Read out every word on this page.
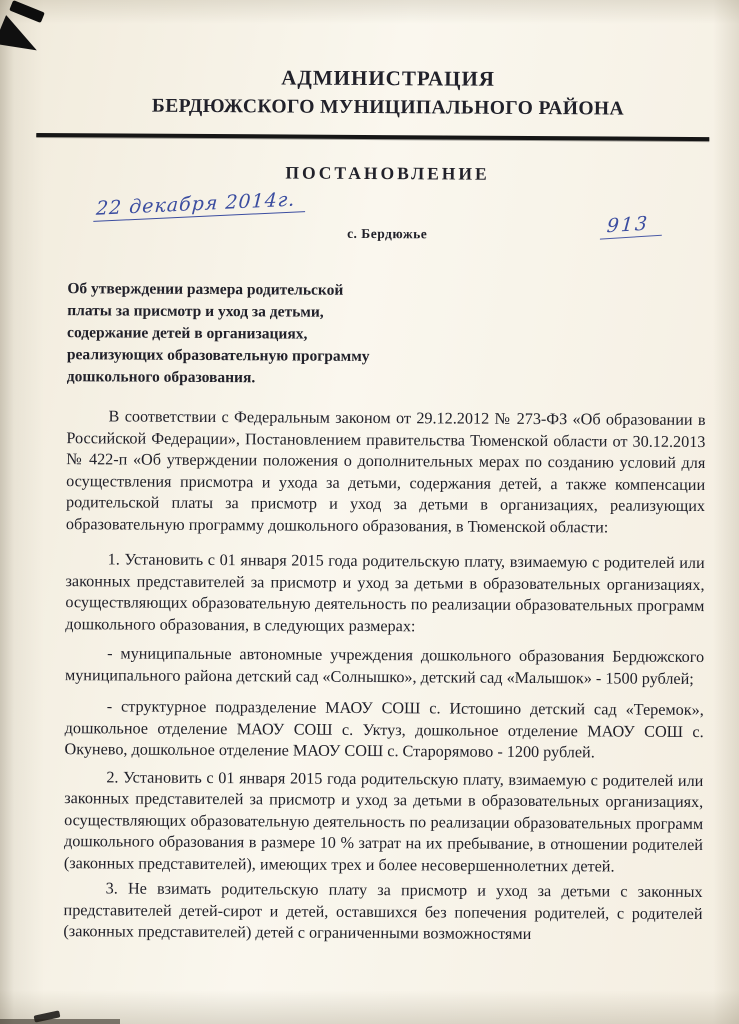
АДМИНИСТРАЦИЯ
БЕРДЮЖСКОГО МУНИЦИПАЛЬНОГО РАЙОНА
ПОСТАНОВЛЕНИЕ
22 декабря 2014г.
с. Бердюжье	913
Об утверждении размера родительской
платы за присмотр и уход за детьми,
содержание детей в организациях,
реализующих образовательную программу
дошкольного образования.

В соответствии с Федеральным законом от 29.12.2012 № 273-ФЗ «Об образовании в Российской Федерации», Постановлением правительства Тюменской области от 30.12.2013 № 422-п «Об утверждении положения о дополнительных мерах по созданию условий для осуществления присмотра и ухода за детьми, содержания детей, а также компенсации родительской платы за присмотр и уход за детьми в организациях, реализующих образовательную программу дошкольного образования, в Тюменской области:

1. Установить с 01 января 2015 года родительскую плату, взимаемую с родителей или законных представителей за присмотр и уход за детьми в образовательных организациях, осуществляющих образовательную деятельность по реализации образовательных программ дошкольного образования, в следующих размерах:

- муниципальные автономные учреждения дошкольного образования Бердюжского муниципального района детский сад «Солнышко», детский сад «Малышок» - 1500 рублей;

- структурное подразделение МАОУ СОШ с. Истошино детский сад «Теремок», дошкольное отделение МАОУ СОШ с. Уктуз, дошкольное отделение МАОУ СОШ с. Окунево, дошкольное отделение МАОУ СОШ с. Старорямово - 1200 рублей.

2. Установить с 01 января 2015 года родительскую плату, взимаемую с родителей или законных представителей за присмотр и уход за детьми в образовательных организациях, осуществляющих образовательную деятельность по реализации образовательных программ дошкольного образования в размере 10 % затрат на их пребывание, в отношении родителей (законных представителей), имеющих трех и более несовершеннолетних детей.

3. Не взимать родительскую плату за присмотр и уход за детьми с законных представителей детей-сирот и детей, оставшихся без попечения родителей, с родителей (законных представителей) детей с ограниченными возможностями
